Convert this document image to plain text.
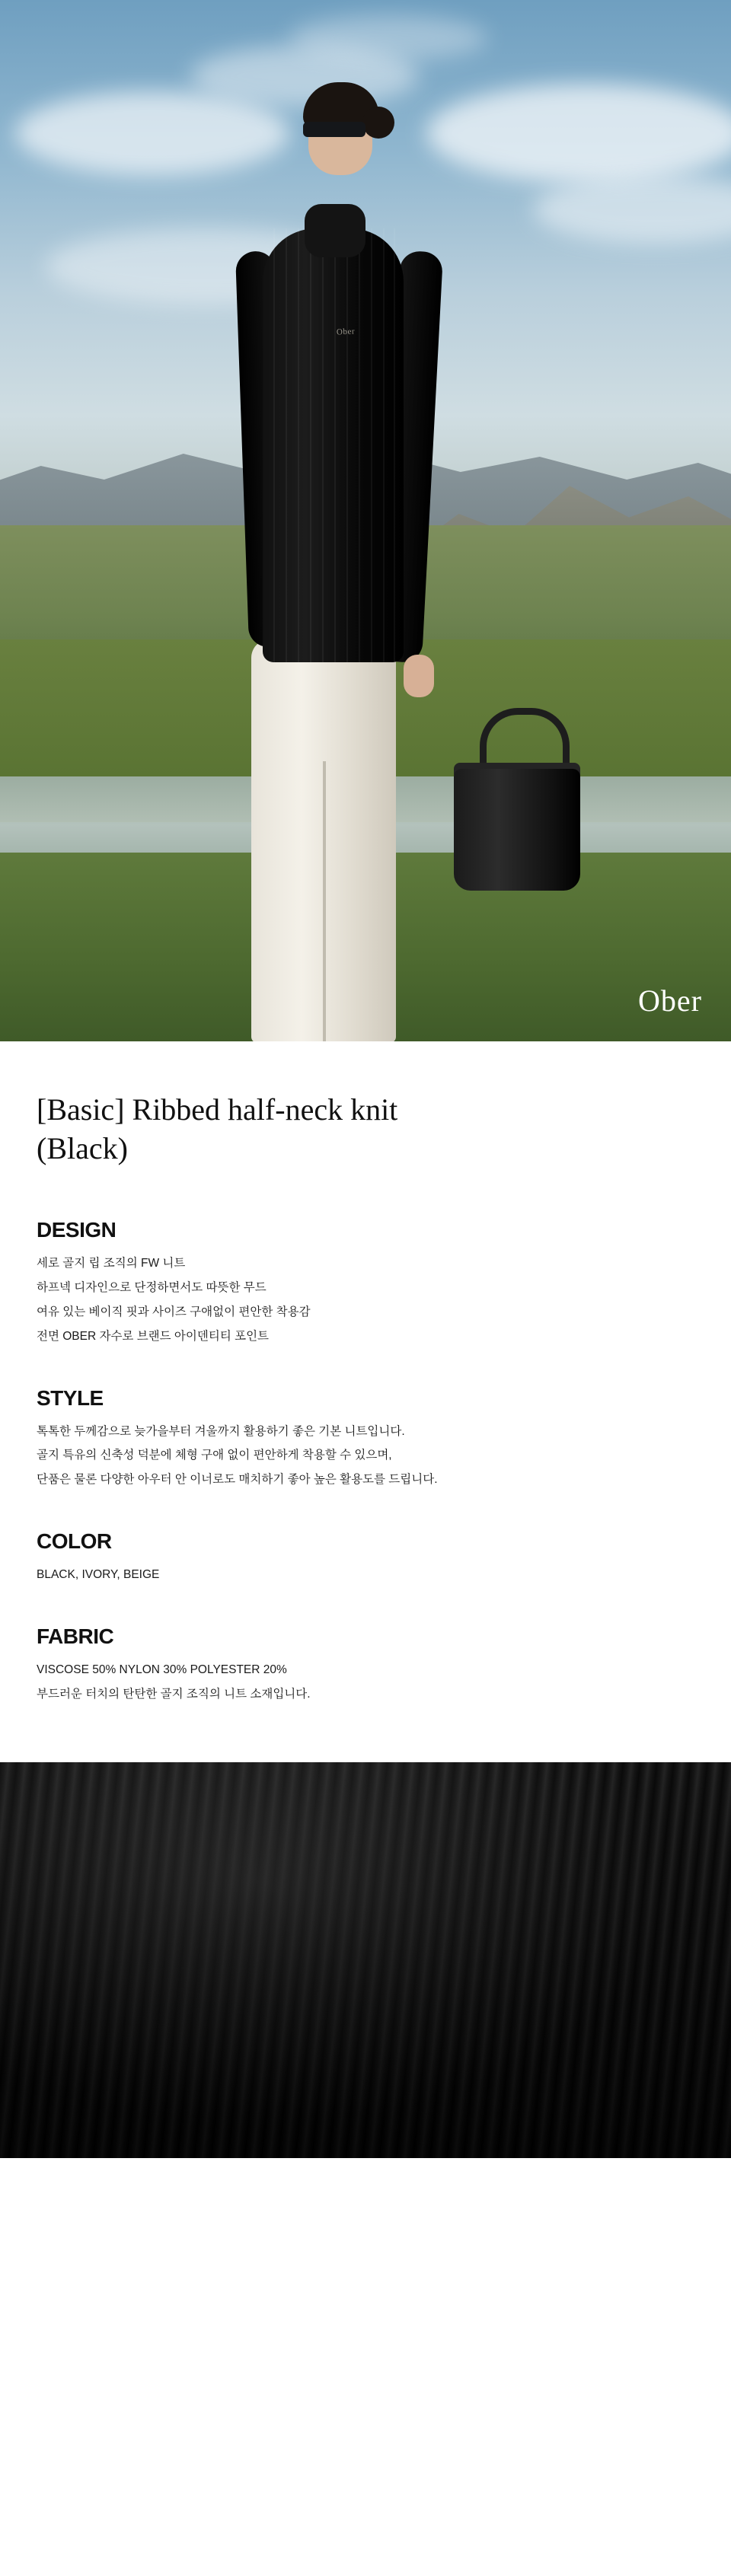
Ober
Ober
[Basic] Ribbed half-neck knit
(Black)
DESIGN

세로 골지 립 조직의 FW 니트

하프넥 디자인으로 단정하면서도 따뜻한 무드

여유 있는 베이직 핏과 사이즈 구애없이 편안한 착용감

전면 OBER 자수로 브랜드 아이덴티티 포인트

STYLE

톡톡한 두께감으로 늦가을부터 겨울까지 활용하기 좋은 기본 니트입니다.

골지 특유의 신축성 덕분에 체형 구애 없이 편안하게 착용할 수 있으며,

단품은 물론 다양한 아우터 안 이너로도 매치하기 좋아 높은 활용도를 드립니다.

COLOR

BLACK, IVORY, BEIGE

FABRIC

VISCOSE 50% NYLON 30% POLYESTER 20%

부드러운 터치의 탄탄한 골지 조직의 니트 소재입니다.
